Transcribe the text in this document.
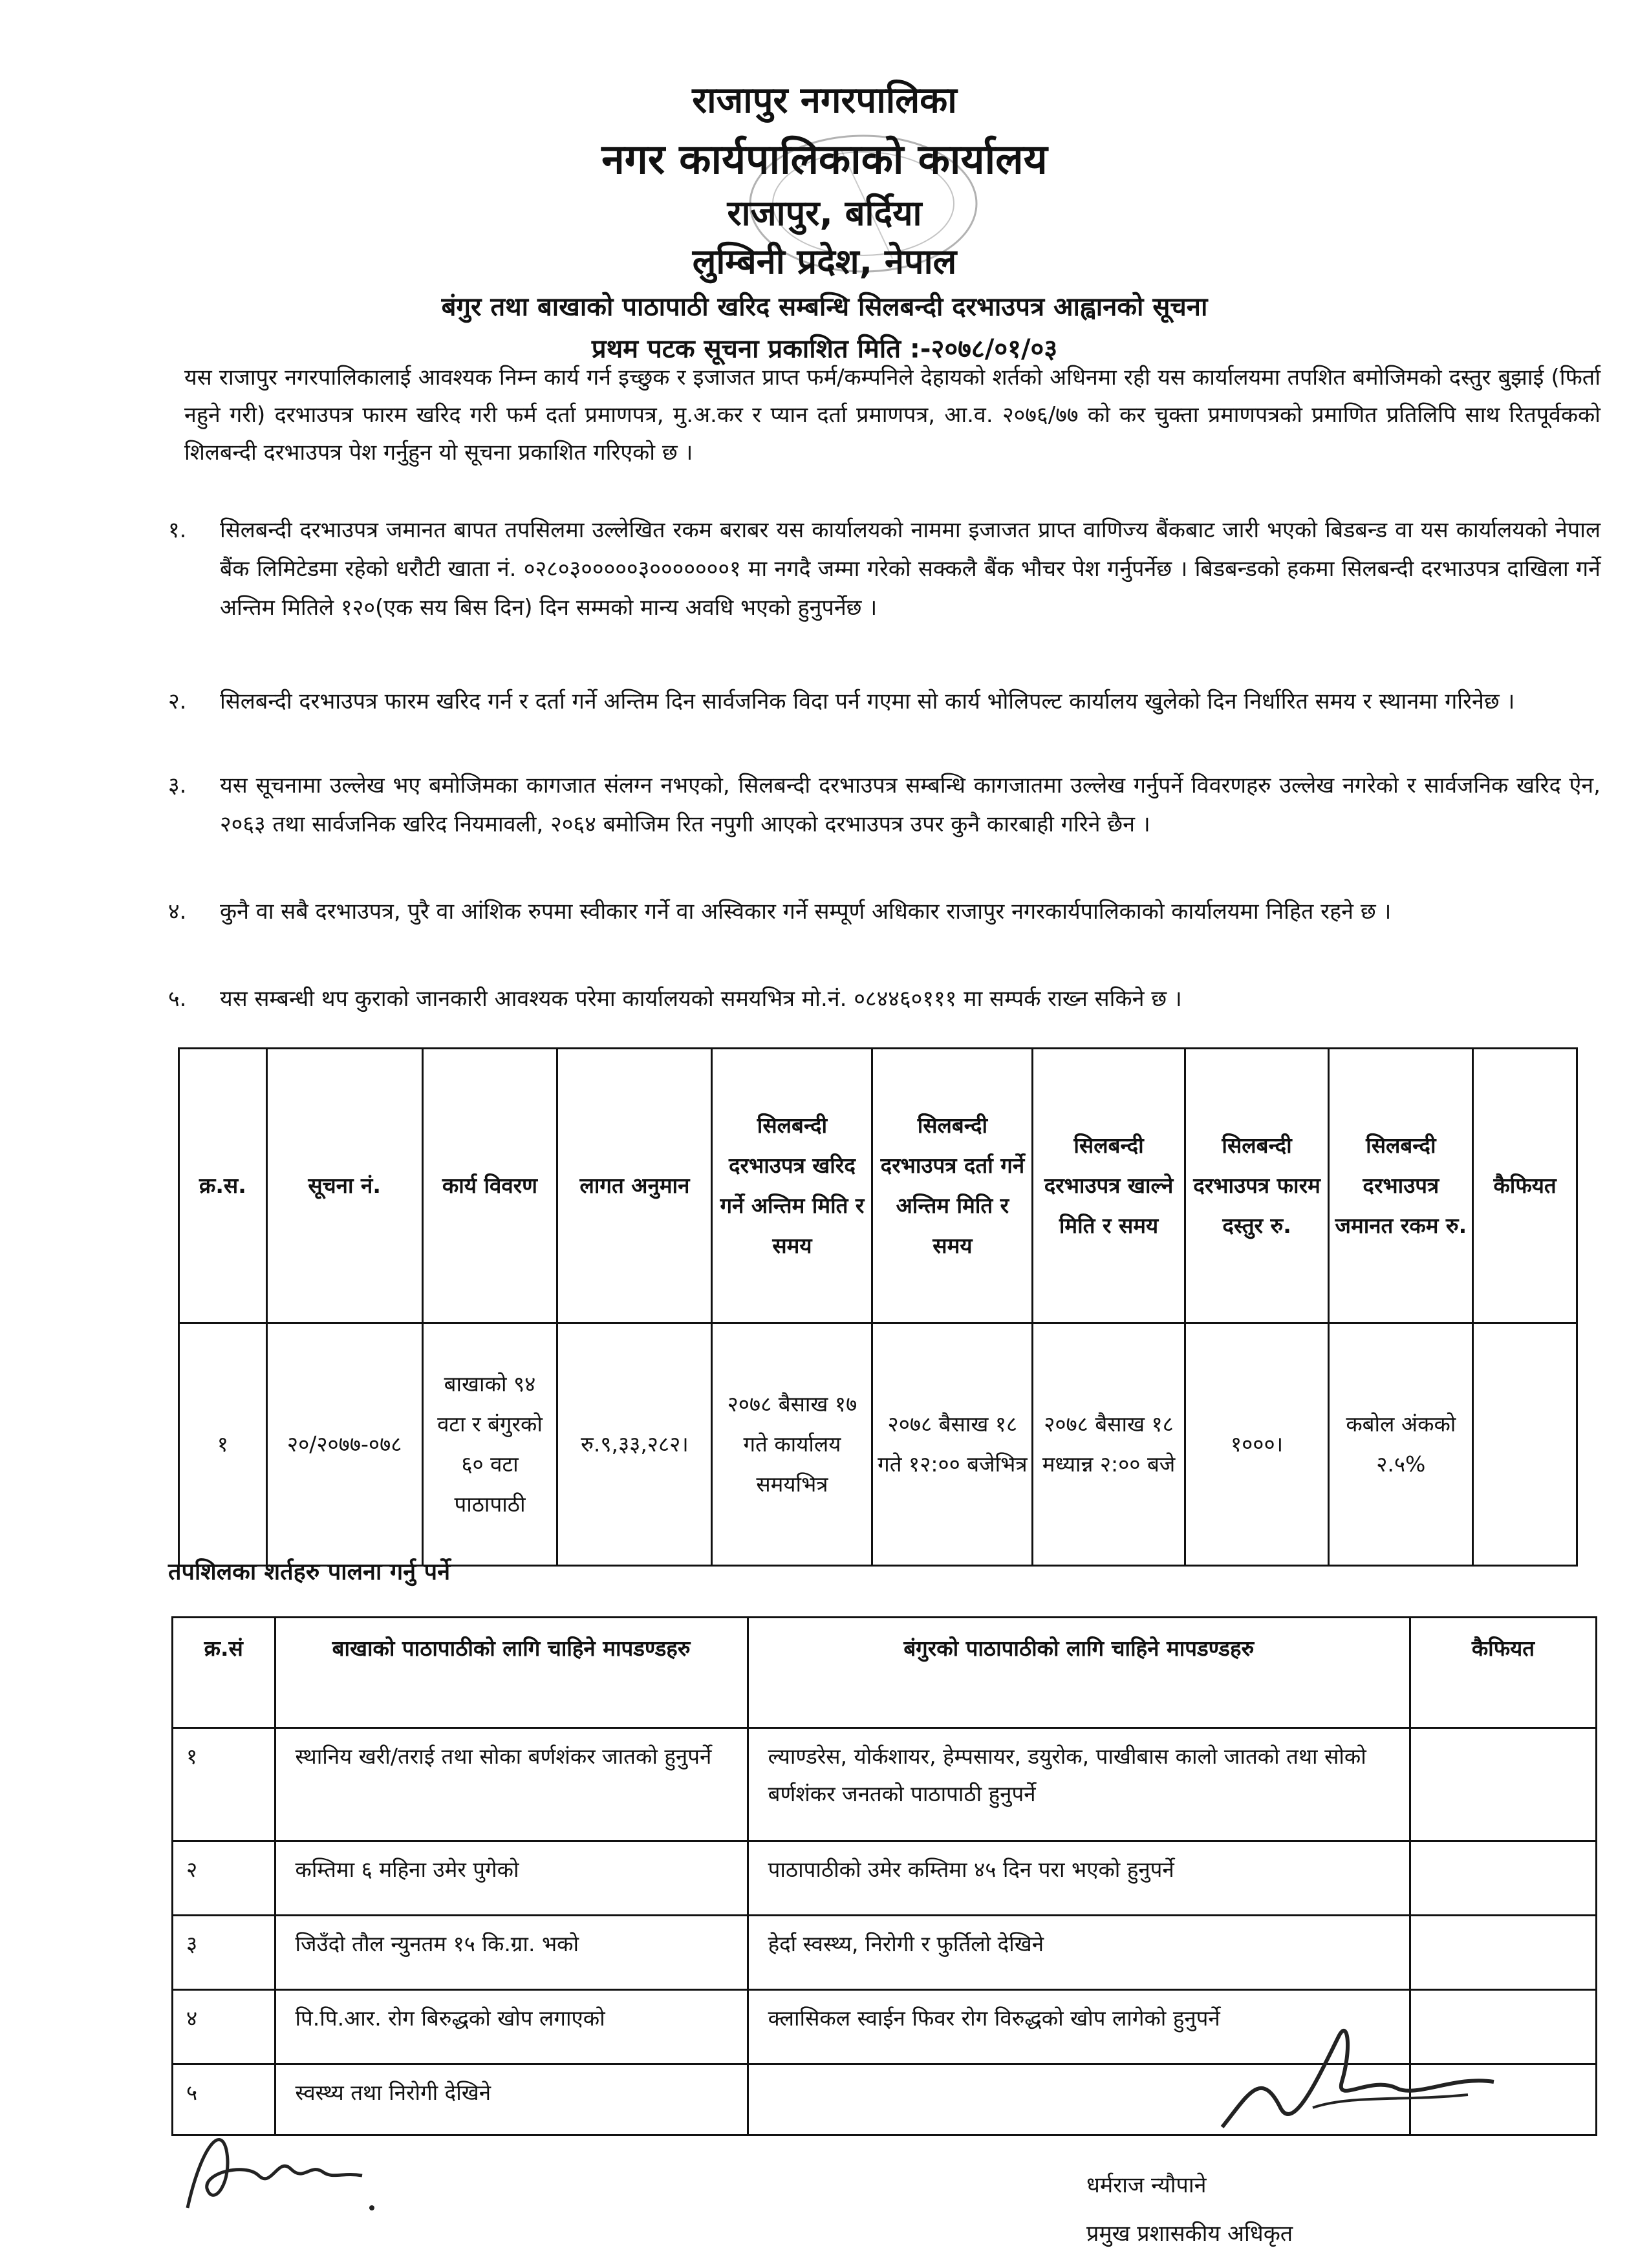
राजापुर नगरपालिका
नगर कार्यपालिकाको कार्यालय
राजापुर, बर्दिया
लुम्बिनी प्रदेश, नेपाल
बंगुर तथा बाखाको पाठापाठी खरिद सम्बन्धि सिलबन्दी दरभाउपत्र आह्वानको सूचना
प्रथम पटक सूचना प्रकाशित मिति :-२०७८/०१/०३
यस राजापुर नगरपालिकालाई आवश्यक निम्न कार्य गर्न इच्छुक र इजाजत प्राप्त फर्म/कम्पनिले देहायको शर्तको अधिनमा रही यस कार्यालयमा तपशित बमोजिमको दस्तुर बुझाई (फिर्ता नहुने गरी) दरभाउपत्र फारम खरिद गरी फर्म दर्ता प्रमाणपत्र, मु.अ.कर र प्यान दर्ता प्रमाणपत्र, आ.व. २०७६/७७ को कर चुक्ता प्रमाणपत्रको प्रमाणित प्रतिलिपि साथ रितपूर्वकको शिलबन्दी दरभाउपत्र पेश गर्नुहुन यो सूचना प्रकाशित गरिएको छ ।
१.	सिलबन्दी दरभाउपत्र जमानत बापत तपसिलमा उल्लेखित रकम बराबर यस कार्यालयको नाममा इजाजत प्राप्त वाणिज्य बैंकबाट जारी भएको बिडबन्ड वा यस कार्यालयको नेपाल बैंक लिमिटेडमा रहेको धरौटी खाता नं. ०२८०३०००००३०००००००१ मा नगदै जम्मा गरेको सक्कलै बैंक भौचर पेश गर्नुपर्नेछ । बिडबन्डको हकमा सिलबन्दी दरभाउपत्र दाखिला गर्ने अन्तिम मितिले १२०(एक सय बिस दिन) दिन सम्मको मान्य अवधि भएको हुनुपर्नेछ ।
२.	सिलबन्दी दरभाउपत्र फारम खरिद गर्न र दर्ता गर्ने अन्तिम दिन सार्वजनिक विदा पर्न गएमा सो कार्य भोलिपल्ट कार्यालय खुलेको दिन निर्धारित समय र स्थानमा गरिनेछ ।
३.	यस सूचनामा उल्लेख भए बमोजिमका कागजात संलग्न नभएको, सिलबन्दी दरभाउपत्र सम्बन्धि कागजातमा उल्लेख गर्नुपर्ने विवरणहरु उल्लेख नगरेको र सार्वजनिक खरिद ऐन, २०६३ तथा सार्वजनिक खरिद नियमावली, २०६४ बमोजिम रित नपुगी आएको दरभाउपत्र उपर कुनै कारबाही गरिने छैन ।
४.	कुनै वा सबै दरभाउपत्र, पुरै वा आंशिक रुपमा स्वीकार गर्ने वा अस्विकार गर्ने सम्पूर्ण अधिकार राजापुर नगरकार्यपालिकाको कार्यालयमा निहित रहने छ ।
५.	यस सम्बन्धी थप कुराको जानकारी आवश्यक परेमा कार्यालयको समयभित्र मो.नं. ०८४४६०१११ मा सम्पर्क राख्न सकिने छ ।
क्र.स.	सूचना नं.	कार्य विवरण	लागत अनुमान	सिलबन्दी दरभाउपत्र खरिद गर्ने अन्तिम मिति र समय	सिलबन्दी दरभाउपत्र दर्ता गर्ने अन्तिम मिति र समय	सिलबन्दी दरभाउपत्र खाल्ने मिति र समय	सिलबन्दी दरभाउपत्र फारम दस्तुर रु.	सिलबन्दी दरभाउपत्र जमानत रकम रु.	कैफियत
१	२०/२०७७-०७८	बाखाको ९४ वटा र बंगुरको ६० वटा पाठापाठी	रु.९,३३,२८२।	२०७८ बैसाख १७ गते कार्यालय समयभित्र	२०७८ बैसाख १८ गते १२:०० बजेभित्र	२०७८ बैसाख १८ मध्यान्न २:०० बजे	१०००।	कबोल अंकको २.५%	
तपशिलका शर्तहरु पालना गर्नु पर्ने
क्र.सं	बाखाको पाठापाठीको लागि चाहिने मापडण्डहरु	बंगुरको पाठापाठीको लागि चाहिने मापडण्डहरु	कैफियत
१	स्थानिय खरी/तराई तथा सोका बर्णशंकर जातको हुनुपर्ने	ल्याण्डरेस, योर्कशायर, हेम्पसायर, डयुरोक, पाखीबास कालो जातको तथा सोको बर्णशंकर जनतको पाठापाठी हुनुपर्ने	
२	कम्तिमा ६ महिना उमेर पुगेको	पाठापाठीको उमेर कम्तिमा ४५ दिन परा भएको हुनुपर्ने	
३	जिउँदो तौल न्युनतम १५ कि.ग्रा. भको	हेर्दा स्वस्थ्य, निरोगी र फुर्तिलो देखिने	
४	पि.पि.आर. रोग बिरुद्धको खोप लगाएको	क्लासिकल स्वाईन फिवर रोग विरुद्धको खोप लागेको हुनुपर्ने	
५	स्वस्थ्य तथा निरोगी देखिने		
धर्मराज न्यौपाने
प्रमुख प्रशासकीय अधिकृत
